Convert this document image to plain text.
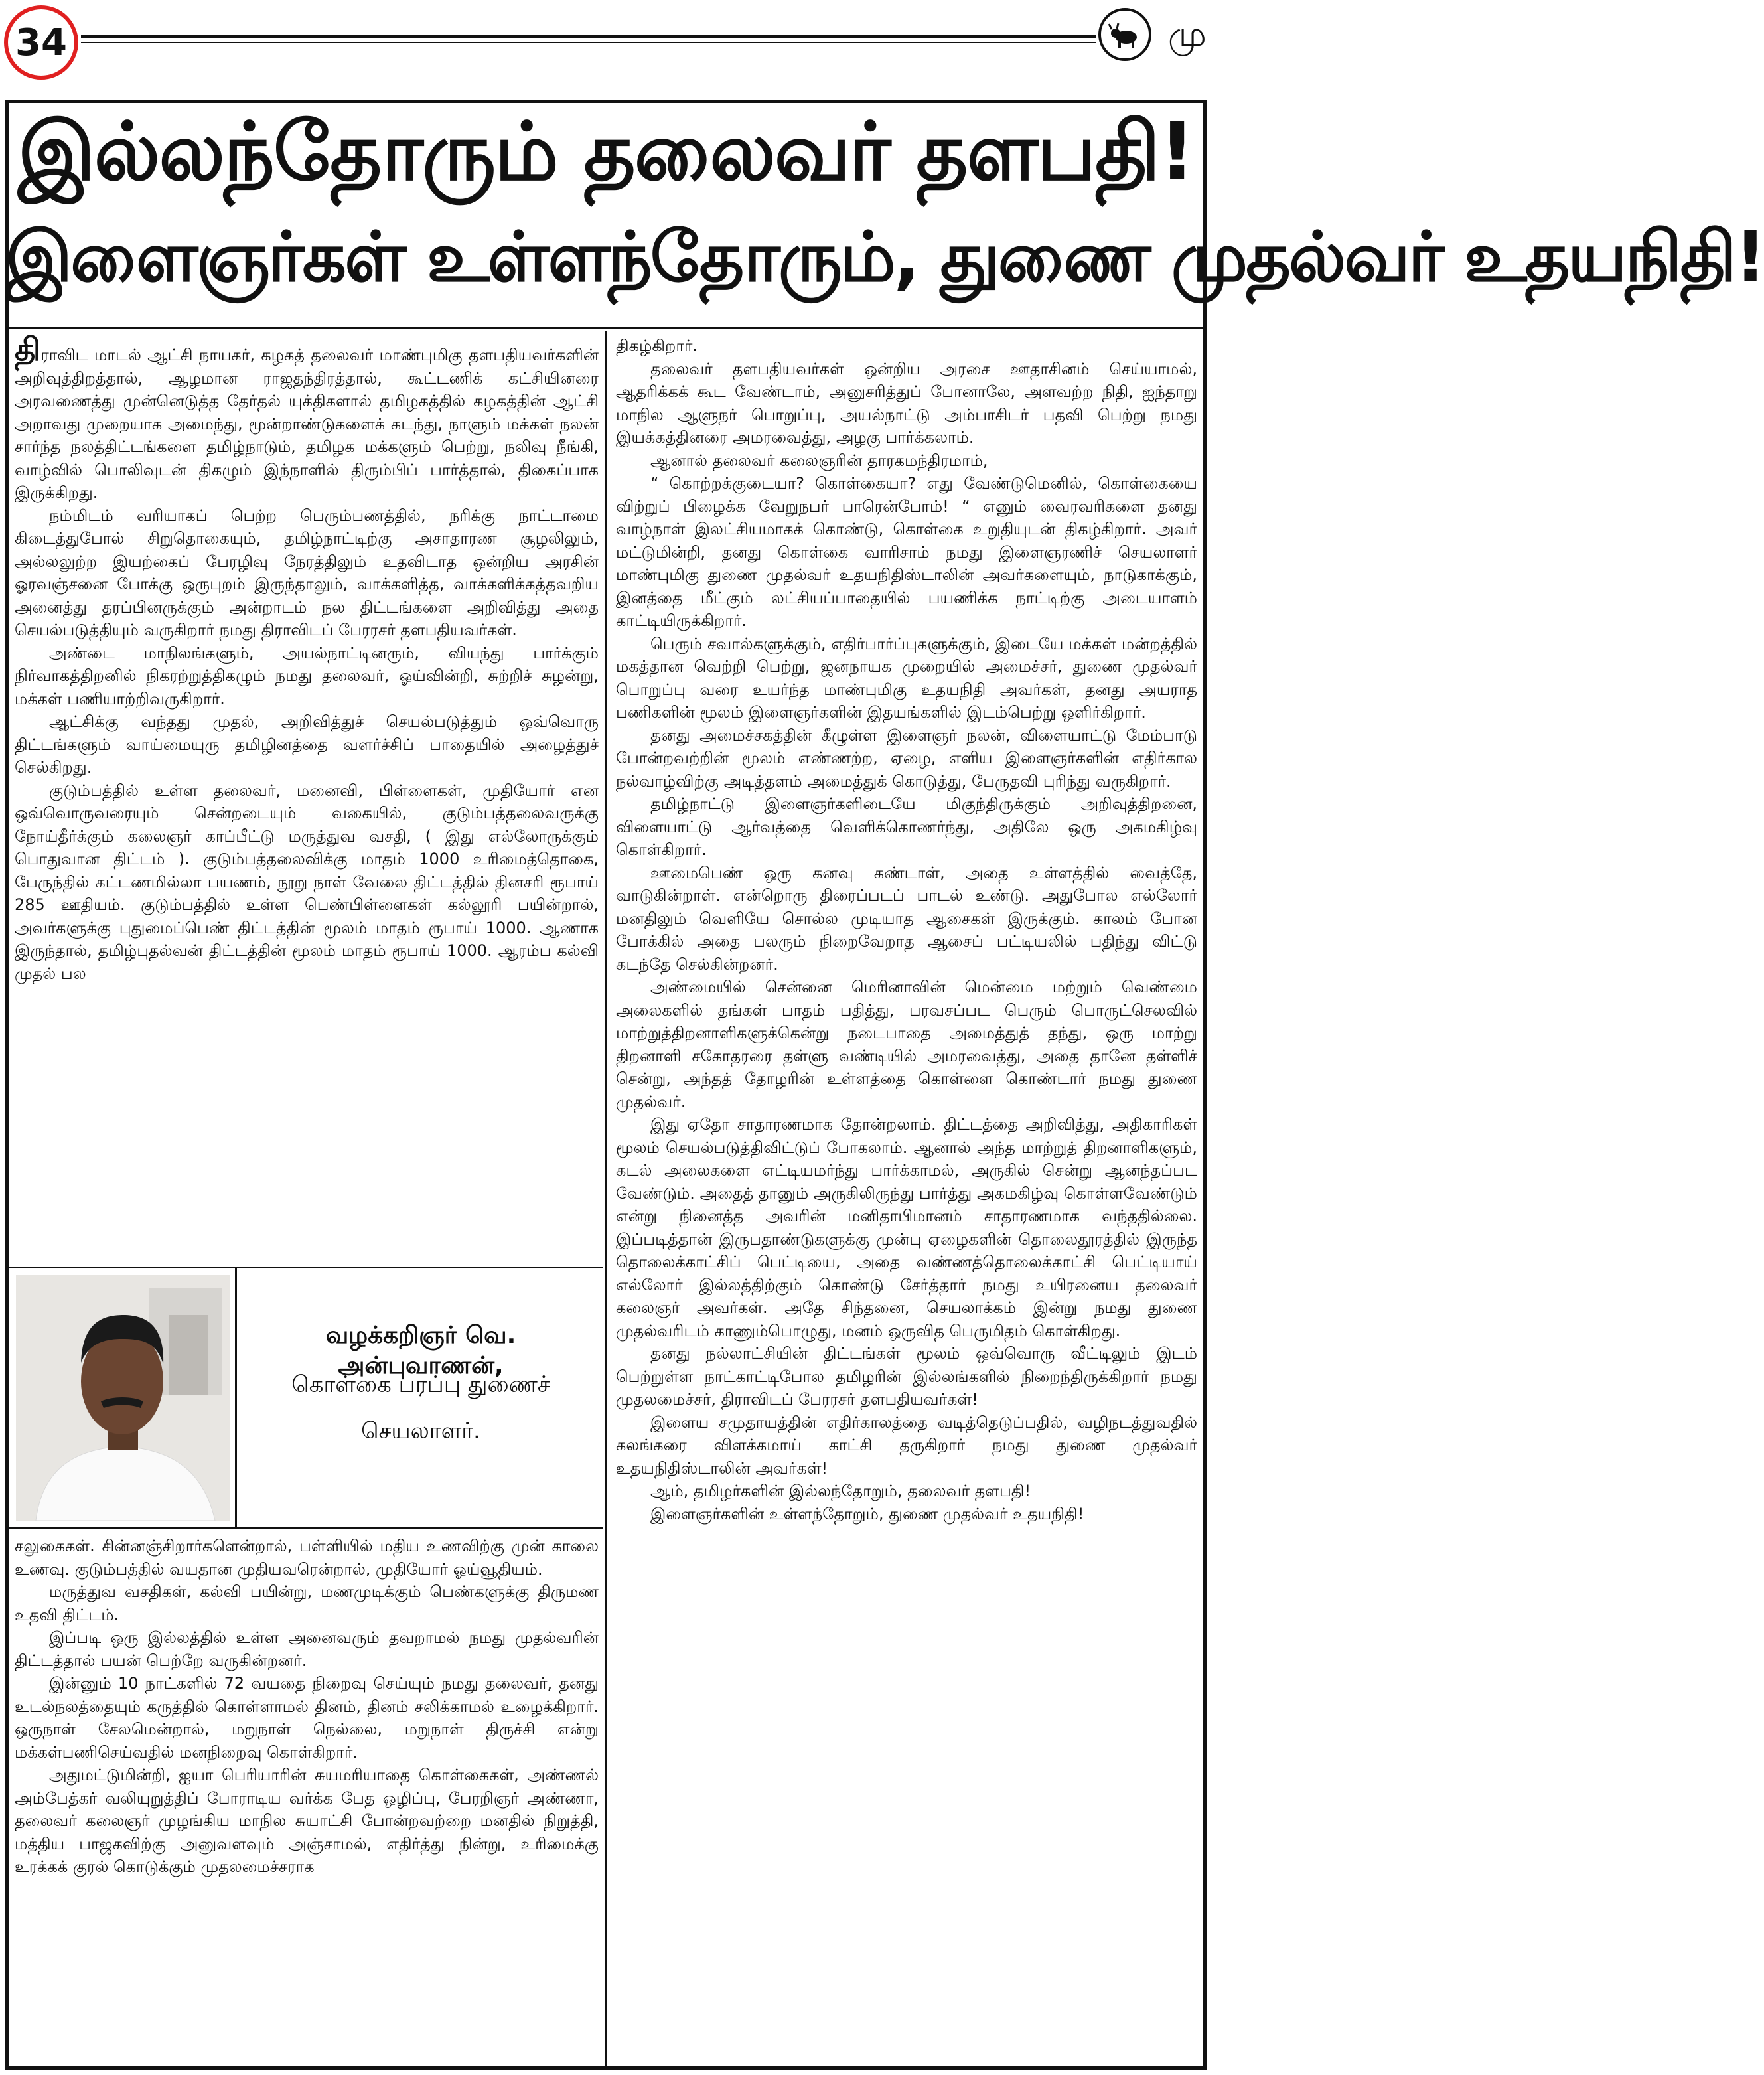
34	மு
இல்லந்தோரும் தலைவர் தளபதி!
இளைஞர்கள் உள்ளந்தோரும், துணை முதல்வர் உதயநிதி!

திராவிட மாடல் ஆட்சி நாயகர், கழகத் தலைவர் மாண்புமிகு தளபதியவர்களின் அறிவுத்திறத்தால், ஆழமான ராஜதந்திரத்தால், கூட்டணிக் கட்சியினரை அரவணைத்து முன்னெடுத்த தேர்தல் யுக்திகளால் தமிழகத்தில் கழகத்தின் ஆட்சி அறாவது முறையாக அமைந்து, மூன்றாண்டுகளைக் கடந்து, நாளும் மக்கள் நலன் சார்ந்த நலத்திட்டங்களை தமிழ்நாடும், தமிழக மக்களும் பெற்று, நலிவு நீங்கி, வாழ்வில் பொலிவுடன் திகழும் இந்நாளில் திரும்பிப் பார்த்தால், திகைப்பாக இருக்கிறது.

நம்மிடம் வரியாகப் பெற்ற பெரும்பணத்தில், நரிக்கு நாட்டாமை கிடைத்துபோல் சிறுதொகையும், தமிழ்நாட்டிற்கு அசாதாரண சூழலிலும், அல்லலுற்ற இயற்கைப் பேரழிவு நேரத்திலும் உதவிடாத ஒன்றிய அரசின் ஓரவஞ்சனை போக்கு ஒருபுறம் இருந்தாலும், வாக்களித்த, வாக்களிக்கத்தவறிய அனைத்து தரப்பினருக்கும் அன்றாடம் நல திட்டங்களை அறிவித்து அதை செயல்படுத்தியும் வருகிறார் நமது திராவிடப் பேரரசர் தளபதியவர்கள்.

அண்டை மாநிலங்களும், அயல்நாட்டினரும், வியந்து பார்க்கும் நிர்வாகத்திறனில் நிகரற்றுத்திகழும் நமது தலைவர், ஓய்வின்றி, சுற்றிச் சுழன்று, மக்கள் பணியாற்றிவருகிறார்.

ஆட்சிக்கு வந்தது முதல், அறிவித்துச் செயல்படுத்தும் ஒவ்வொரு திட்டங்களும் வாய்மையுரு தமிழினத்தை வளர்ச்சிப் பாதையில் அழைத்துச் செல்கிறது.

குடும்பத்தில் உள்ள தலைவர், மனைவி, பிள்ளைகள், முதியோர் என ஒவ்வொருவரையும் சென்றடையும் வகையில், குடும்பத்தலைவருக்கு நோய்தீர்க்கும் கலைஞர் காப்பீட்டு மருத்துவ வசதி, ( இது எல்லோருக்கும் பொதுவான திட்டம் ). குடும்பத்தலைவிக்கு மாதம் 1000 உரிமைத்தொகை, பேருந்தில் கட்டணமில்லா பயணம், நூறு நாள் வேலை திட்டத்தில் தினசரி ரூபாய் 285 ஊதியம். குடும்பத்தில் உள்ள பெண்பிள்ளைகள் கல்லூரி பயின்றால், அவர்களுக்கு புதுமைப்பெண் திட்டத்தின் மூலம் மாதம் ரூபாய் 1000. ஆணாக இருந்தால், தமிழ்புதல்வன் திட்டத்தின் மூலம் மாதம் ரூபாய் 1000. ஆரம்ப கல்வி முதல் பல

வழக்கறிஞர் வெ. அன்புவாணன்,
கொள்கை பரப்பு துணைச்
செயலாளர்.

சலுகைகள். சின்னஞ்சிறார்களென்றால், பள்ளியில் மதிய உணவிற்கு முன் காலை உணவு. குடும்பத்தில் வயதான முதியவரென்றால், முதியோர் ஓய்வூதியம்.

மருத்துவ வசதிகள், கல்வி பயின்று, மணமுடிக்கும் பெண்களுக்கு திருமண உதவி திட்டம்.

இப்படி ஒரு இல்லத்தில் உள்ள அனைவரும் தவறாமல் நமது முதல்வரின் திட்டத்தால் பயன் பெற்றே வருகின்றனர்.

இன்னும் 10 நாட்களில் 72 வயதை நிறைவு செய்யும் நமது தலைவர், தனது உடல்நலத்தையும் கருத்தில் கொள்ளாமல் தினம், தினம் சலிக்காமல் உழைக்கிறார். ஒருநாள் சேலமென்றால், மறுநாள் நெல்லை, மறுநாள் திருச்சி என்று மக்கள்பணிசெய்வதில் மனநிறைவு கொள்கிறார்.

அதுமட்டுமின்றி, ஐயா பெரியாரின் சுயமரியாதை கொள்கைகள், அண்ணல் அம்பேத்கர் வலியுறுத்திப் போராடிய வர்க்க பேத ஒழிப்பு, பேரறிஞர் அண்ணா, தலைவர் கலைஞர் முழங்கிய மாநில சுயாட்சி போன்றவற்றை மனதில் நிறுத்தி, மத்திய பாஜகவிற்கு அனுவளவும் அஞ்சாமல், எதிர்த்து நின்று, உரிமைக்கு உரக்கக் குரல் கொடுக்கும் முதலமைச்சராக

திகழ்கிறார்.

தலைவர் தளபதியவர்கள் ஒன்றிய அரசை ஊதாசினம் செய்யாமல், ஆதரிக்கக் கூட வேண்டாம், அனுசரித்துப் போனாலே, அளவற்ற நிதி, ஐந்தாறு மாநில ஆளுநர் பொறுப்பு, அயல்நாட்டு அம்பாசிடர் பதவி பெற்று நமது இயக்கத்தினரை அமரவைத்து, அழகு பார்க்கலாம்.

ஆனால் தலைவர் கலைஞரின் தாரகமந்திரமாம்,

“ கொற்றக்குடையா? கொள்கையா? எது வேண்டுமெனில், கொள்கையை விற்றுப் பிழைக்க வேறுநபர் பாரென்போம்! “ எனும் வைரவரிகளை தனது வாழ்நாள் இலட்சியமாகக் கொண்டு, கொள்கை உறுதியுடன் திகழ்கிறார். அவர் மட்டுமின்றி, தனது கொள்கை வாரிசாம் நமது இளைஞரணிச் செயலாளர் மாண்புமிகு துணை முதல்வர் உதயநிதிஸ்டாலின் அவர்களையும், நாடுகாக்கும், இனத்தை மீட்கும் லட்சியப்பாதையில் பயணிக்க நாட்டிற்கு அடையாளம் காட்டியிருக்கிறார்.

பெரும் சவால்களுக்கும், எதிர்பார்ப்புகளுக்கும், இடையே மக்கள் மன்றத்தில் மகத்தான வெற்றி பெற்று, ஜனநாயக முறையில் அமைச்சர், துணை முதல்வர் பொறுப்பு வரை உயர்ந்த மாண்புமிகு உதயநிதி அவர்கள், தனது அயராத பணிகளின் மூலம் இளைஞர்களின் இதயங்களில் இடம்பெற்று ஒளிர்கிறார்.

தனது அமைச்சகத்தின் கீழுள்ள இளைஞர் நலன், விளையாட்டு மேம்பாடு போன்றவற்றின் மூலம் எண்ணற்ற, ஏழை, எளிய இளைஞர்களின் எதிர்கால நல்வாழ்விற்கு அடித்தளம் அமைத்துக் கொடுத்து, பேருதவி புரிந்து வருகிறார்.

தமிழ்நாட்டு இளைஞர்களிடையே மிகுந்திருக்கும் அறிவுத்திறனை, விளையாட்டு ஆர்வத்தை வெளிக்கொணர்ந்து, அதிலே ஒரு அகமகிழ்வு கொள்கிறார்.

ஊமைபெண் ஒரு கனவு கண்டாள், அதை உள்ளத்தில் வைத்தே, வாடுகின்றாள். என்றொரு திரைப்படப் பாடல் உண்டு. அதுபோல எல்லோர் மனதிலும் வெளியே சொல்ல முடியாத ஆசைகள் இருக்கும். காலம் போன போக்கில் அதை பலரும் நிறைவேறாத ஆசைப் பட்டியலில் பதிந்து விட்டு கடந்தே செல்கின்றனர்.

அண்மையில் சென்னை மெரினாவின் மென்மை மற்றும் வெண்மை அலைகளில் தங்கள் பாதம் பதித்து, பரவசப்பட பெரும் பொருட்செலவில் மாற்றுத்திறனாளிகளுக்கென்று நடைபாதை அமைத்துத் தந்து, ஒரு மாற்று திறனாளி சகோதரரை தள்ளு வண்டியில் அமரவைத்து, அதை தானே தள்ளிச் சென்று, அந்தத் தோழரின் உள்ளத்தை கொள்ளை கொண்டார் நமது துணை முதல்வர்.

இது ஏதோ சாதாரணமாக தோன்றலாம். திட்டத்தை அறிவித்து, அதிகாரிகள் மூலம் செயல்படுத்திவிட்டுப் போகலாம். ஆனால் அந்த மாற்றுத் திறனாளிகளும், கடல் அலைகளை எட்டியமர்ந்து பார்க்காமல், அருகில் சென்று ஆனந்தப்பட வேண்டும். அதைத் தானும் அருகிலிருந்து பார்த்து அகமகிழ்வு கொள்ளவேண்டும் என்று நினைத்த அவரின் மனிதாபிமானம் சாதாரணமாக வந்ததில்லை. இப்படித்தான் இருபதாண்டுகளுக்கு முன்பு ஏழைகளின் தொலைதூரத்தில் இருந்த தொலைக்காட்சிப் பெட்டியை, அதை வண்ணத்தொலைக்காட்சி பெட்டியாய் எல்லோர் இல்லத்திற்கும் கொண்டு சேர்த்தார் நமது உயிரனைய தலைவர் கலைஞர் அவர்கள். அதே சிந்தனை, செயலாக்கம் இன்று நமது துணை முதல்வரிடம் காணும்பொழுது, மனம் ஒருவித பெருமிதம் கொள்கிறது.

தனது நல்லாட்சியின் திட்டங்கள் மூலம் ஒவ்வொரு வீட்டிலும் இடம் பெற்றுள்ள நாட்காட்டிபோல தமிழரின் இல்லங்களில் நிறைந்திருக்கிறார் நமது முதலமைச்சர், திராவிடப் பேரரசர் தளபதியவர்கள்!

இளைய சமுதாயத்தின் எதிர்காலத்தை வடித்தெடுப்பதில், வழிநடத்துவதில் கலங்கரை விளக்கமாய் காட்சி தருகிறார் நமது துணை முதல்வர் உதயநிதிஸ்டாலின் அவர்கள்!

ஆம், தமிழர்களின் இல்லந்தோறும், தலைவர் தளபதி!

இளைஞர்களின் உள்ளந்தோறும், துணை முதல்வர் உதயநிதி!
